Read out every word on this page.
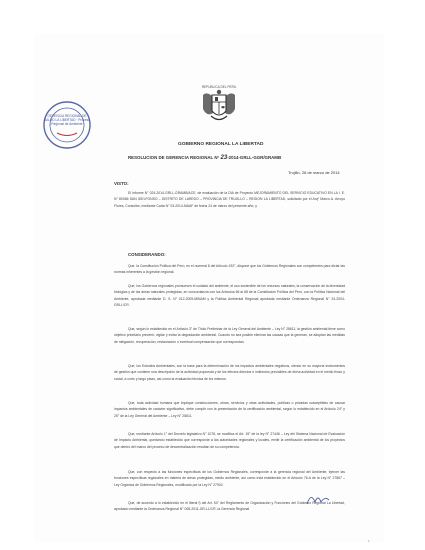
GERENCIA REGIONAL DE SALUD LA LIBERTAD · Proceso Regional de Ambiente
REPUBLICA DEL PERU

GOBIERNO REGIONAL LA LIBERTAD

RESOLUCION DE GERENCIA REGIONAL N° 23-2014-GRLL-GGR/GRAMB

Trujillo, 28 de marzo de 2014

VISTO:

El Informe N° 024-2014-GRLL-GRAMB/ACE, de evaluación de la DIA de Proyecto MEJORAMIENTO DEL SERVICIO EDUCATIVO EN LA I. E. N° 80066 SAN IDELFONSO – DISTRITO DE LAREDO – PROVINCIA DE TRUJILLO – REGION LA LIBERTAD, solicitado por el Arqº Marco A. Arroyo Flores, Consultor, mediante Carta N° 03-2014-MAAF de fecha 24 de marzo del presente año; y

CONSIDERANDO:

Que, la Constitución Política del Perú, en el numeral 8 del Artículo 192°, dispone que los Gobiernos Regionales son competentes para dictar las normas inherentes a la gestión regional.

Que, los Gobiernos regionales promueven el cuidado del ambiente, el uso sostenible de los recursos naturales, la conservación de la diversidad biológica y de las áreas naturales protegidas, en concordancia con los Artículos 66 al 68 de la Constitución Política del Perú, con la Política Nacional del Ambiente, aprobada mediante D. S. N° 012-2009-MINAM y la Política Ambiental Regional aprobada mediante Ordenanza Regional N° 24-2004-GRLL/CR.

Que, según lo establecido en el Artículo 3° de Título Preliminar de la Ley General del Ambiente – Ley N° 28611, la gestión ambiental tiene como objetivo prioritario prevenir, vigilar y evitar la degradación ambiental. Cuando no sea posible eliminar las causas que la generan, se adoptan las medidas de mitigación, recuperación, restauración o eventual compensación que correspondan.

Que, los Estudios Ambientales, son la base para la determinación de los impactos ambientales negativos, siendo en su mayoría instrumentos de gestión que contiene una descripción de la actividad propuesta y de los efectos directos e indirectos previsibles de dicha actividad en el medio físico y social, a corto y largo plazo, así como la evaluación técnica de los mismos.

Que, toda actividad humana que implique construcciones, obras, servicios y otras actividades, políticas o privadas susceptibles de causar impactos ambientales de carácter significativo, debe cumplir con la presentación de la certificación ambiental, según lo establecido en el Artículo 24° y 25° de la Ley General del Ambiente – Ley N° 28611.

Que, mediante Artículo 1° del Decreto legislativo N° 1078, se modifica el Art. 15° de la ley N° 27446 – Ley del Sistema Nacional de Evaluación de Impacto Ambiental, quedando establecido que corresponde a las autoridades regionales y locales, emitir la certificación ambiental de los proyectos que dentro del marco del proceso de descentralización resultan de su competencia.

Que, con respecto a las funciones específicas de los Gobiernos Regionales, corresponde a la gerencia regional del Ambiente, ejercer las funciones específicas regionales en materia de áreas protegidas, medio ambiente, así como está establecido en el Artículo 76-A de la Ley N° 27867 – Ley Orgánica de Gobiernos Regionales, modificado por la Ley N° 27902.

Que, de acuerdo a lo establecido en el literal f) del Art. 54° del Reglamento de Organización y Funciones del Gobierno Regional La Libertad, aprobado mediante la Ordenanza Regional N° 008-2011-GR-LL/CR, la Gerencia Regional

1
